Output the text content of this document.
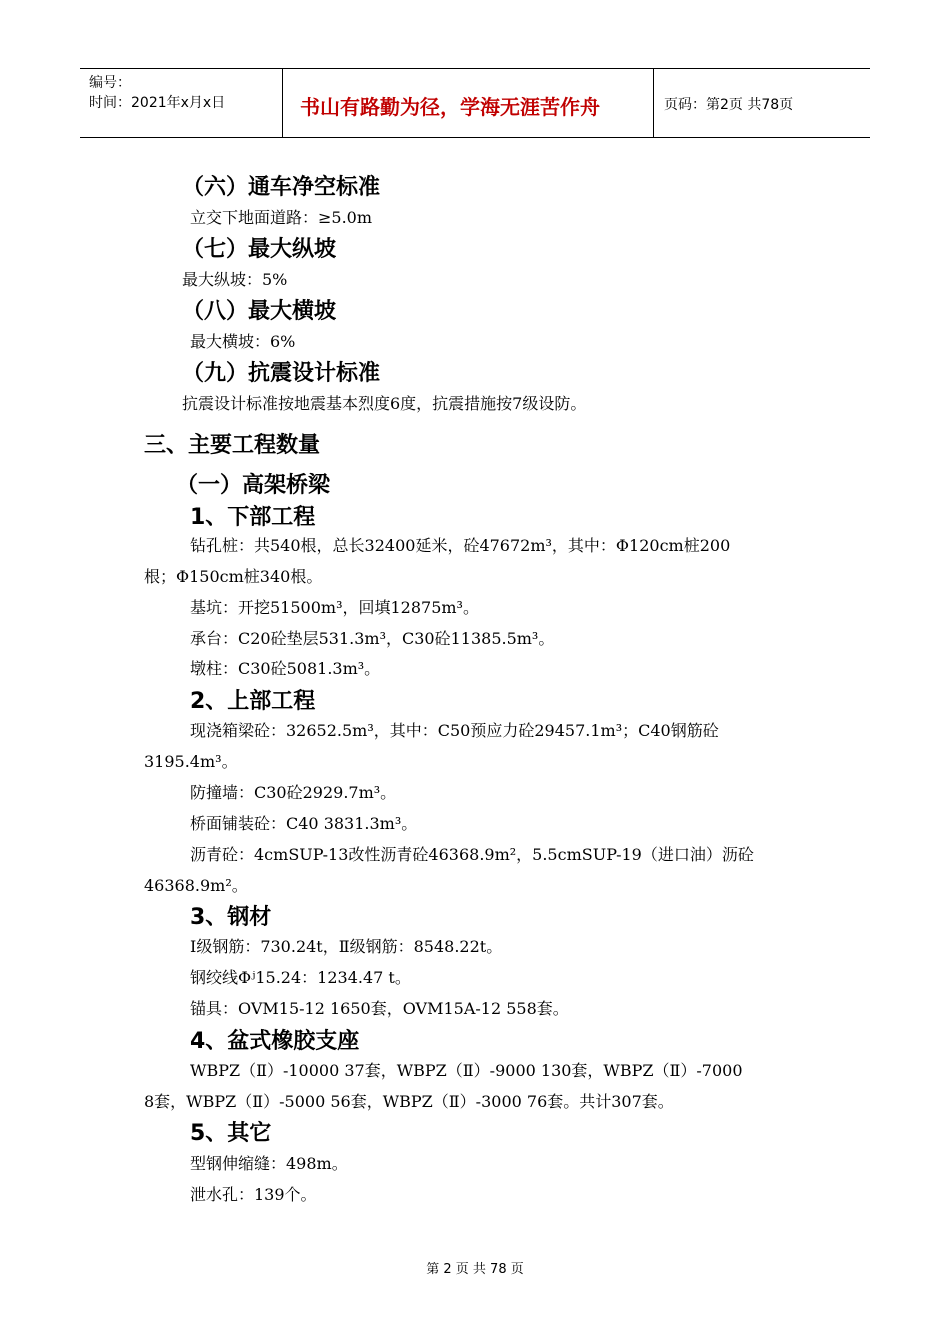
编号：
时间：2021年x月x日	书山有路勤为径，学海无涯苦作舟	页码：第2页 共78页
（六）通车净空标准
立交下地面道路：≥5.0m
（七）最大纵坡
最大纵坡：5%
（八）最大横坡
最大横坡：6%
（九）抗震设计标准
抗震设计标准按地震基本烈度6度，抗震措施按7级设防。
三、主要工程数量
（一）高架桥梁
1、下部工程
钻孔桩：共540根，总长32400延米，砼47672m³，其中：Φ120cm桩200
根；Φ150cm桩340根。
基坑：开挖51500m³，回填12875m³。
承台：C20砼垫层531.3m³，C30砼11385.5m³。
墩柱：C30砼5081.3m³。
2、上部工程
现浇箱梁砼：32652.5m³，其中：C50预应力砼29457.1m³；C40钢筋砼
3195.4m³。
防撞墙：C30砼2929.7m³。
桥面铺装砼：C40 3831.3m³。
沥青砼：4cmSUP-13改性沥青砼46368.9m²，5.5cmSUP-19（进口油）沥砼
46368.9m²。
3、钢材
Ⅰ级钢筋：730.24t，Ⅱ级钢筋：8548.22t。
钢绞线Φʲ15.24：1234.47 t。
锚具：OVM15-12 1650套，OVM15A-12 558套。
4、盆式橡胶支座
WBPZ（Ⅱ）-10000 37套，WBPZ（Ⅱ）-9000 130套，WBPZ（Ⅱ）-7000
8套，WBPZ（Ⅱ）-5000 56套，WBPZ（Ⅱ）-3000 76套。共计307套。
5、其它
型钢伸缩缝：498m。
泄水孔：139个。
第 2 页 共 78 页
